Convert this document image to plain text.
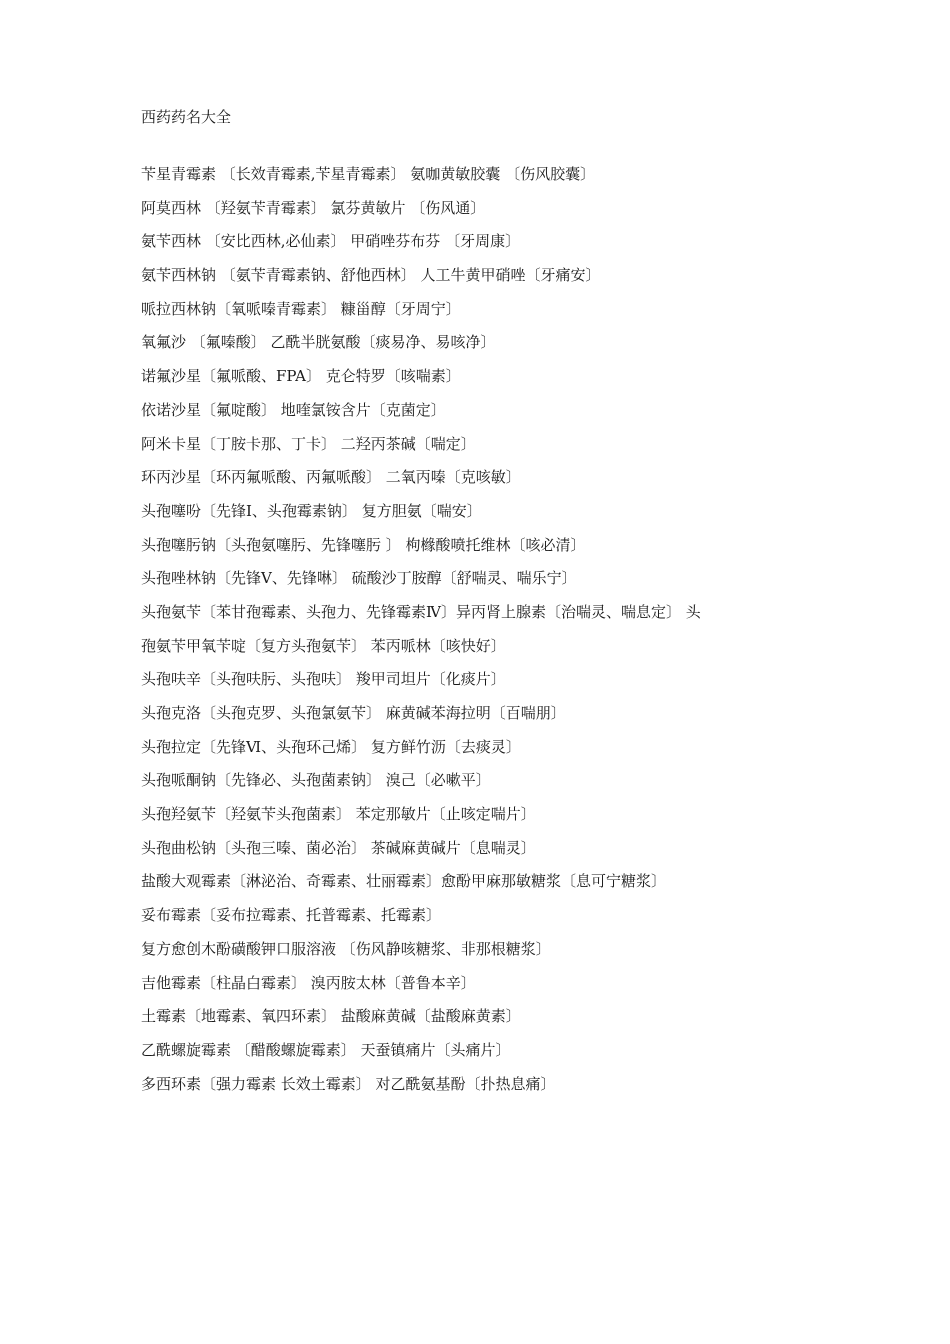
西药药名大全
苄星青霉素 〔长效青霉素,苄星青霉素〕 氨咖黄敏胶囊 〔伤风胶囊〕
阿莫西林 〔羟氨苄青霉素〕 氯芬黄敏片 〔伤风通〕
氨苄西林 〔安比西林,必仙素〕 甲硝唑芬布芬 〔牙周康〕
氨苄西林钠 〔氨苄青霉素钠、舒他西林〕 人工牛黄甲硝唑〔牙痛安〕
哌拉西林钠〔氧哌嗪青霉素〕 糠甾醇〔牙周宁〕
氧氟沙 〔氟嗪酸〕 乙酰半胱氨酸〔痰易净、易咳净〕
诺氟沙星〔氟哌酸、FPA〕 克仑特罗〔咳喘素〕
依诺沙星〔氟啶酸〕 地喹氯铵含片〔克菌定〕
阿米卡星〔丁胺卡那、丁卡〕 二羟丙茶碱〔喘定〕
环丙沙星〔环丙氟哌酸、丙氟哌酸〕 二氧丙嗪〔克咳敏〕
头孢噻吩〔先锋Ⅰ、头孢霉素钠〕 复方胆氨〔喘安〕
头孢噻肟钠〔头孢氨噻肟、先锋噻肟 〕 枸橼酸喷托维林〔咳必清〕
头孢唑林钠〔先锋Ⅴ、先锋啉〕 硫酸沙丁胺醇〔舒喘灵、喘乐宁〕
头孢氨苄〔苯甘孢霉素、头孢力、先锋霉素Ⅳ〕异丙肾上腺素〔治喘灵、喘息定〕 头
孢氨苄甲氧苄啶〔复方头孢氨苄〕 苯丙哌林〔咳快好〕
头孢呋辛〔头孢呋肟、头孢呋〕 羧甲司坦片〔化痰片〕
头孢克洛〔头孢克罗、头孢氯氨苄〕 麻黄碱苯海拉明〔百喘朋〕
头孢拉定〔先锋Ⅵ、头孢环己烯〕 复方鲜竹沥〔去痰灵〕
头孢哌酮钠〔先锋必、头孢菌素钠〕 溴己〔必嗽平〕
头孢羟氨苄〔羟氨苄头孢菌素〕 苯定那敏片〔止咳定喘片〕
头孢曲松钠〔头孢三嗪、菌必治〕 茶碱麻黄碱片〔息喘灵〕
盐酸大观霉素〔淋泌治、奇霉素、壮丽霉素〕愈酚甲麻那敏糖浆〔息可宁糖浆〕
妥布霉素〔妥布拉霉素、托普霉素、托霉素〕
复方愈创木酚磺酸钾口服溶液 〔伤风静咳糖浆、非那根糖浆〕
吉他霉素〔柱晶白霉素〕 溴丙胺太林〔普鲁本辛〕
土霉素〔地霉素、氧四环素〕 盐酸麻黄碱〔盐酸麻黄素〕
乙酰螺旋霉素 〔醋酸螺旋霉素〕 天蚕镇痛片〔头痛片〕
多西环素〔强力霉素 长效土霉素〕 对乙酰氨基酚〔扑热息痛〕
